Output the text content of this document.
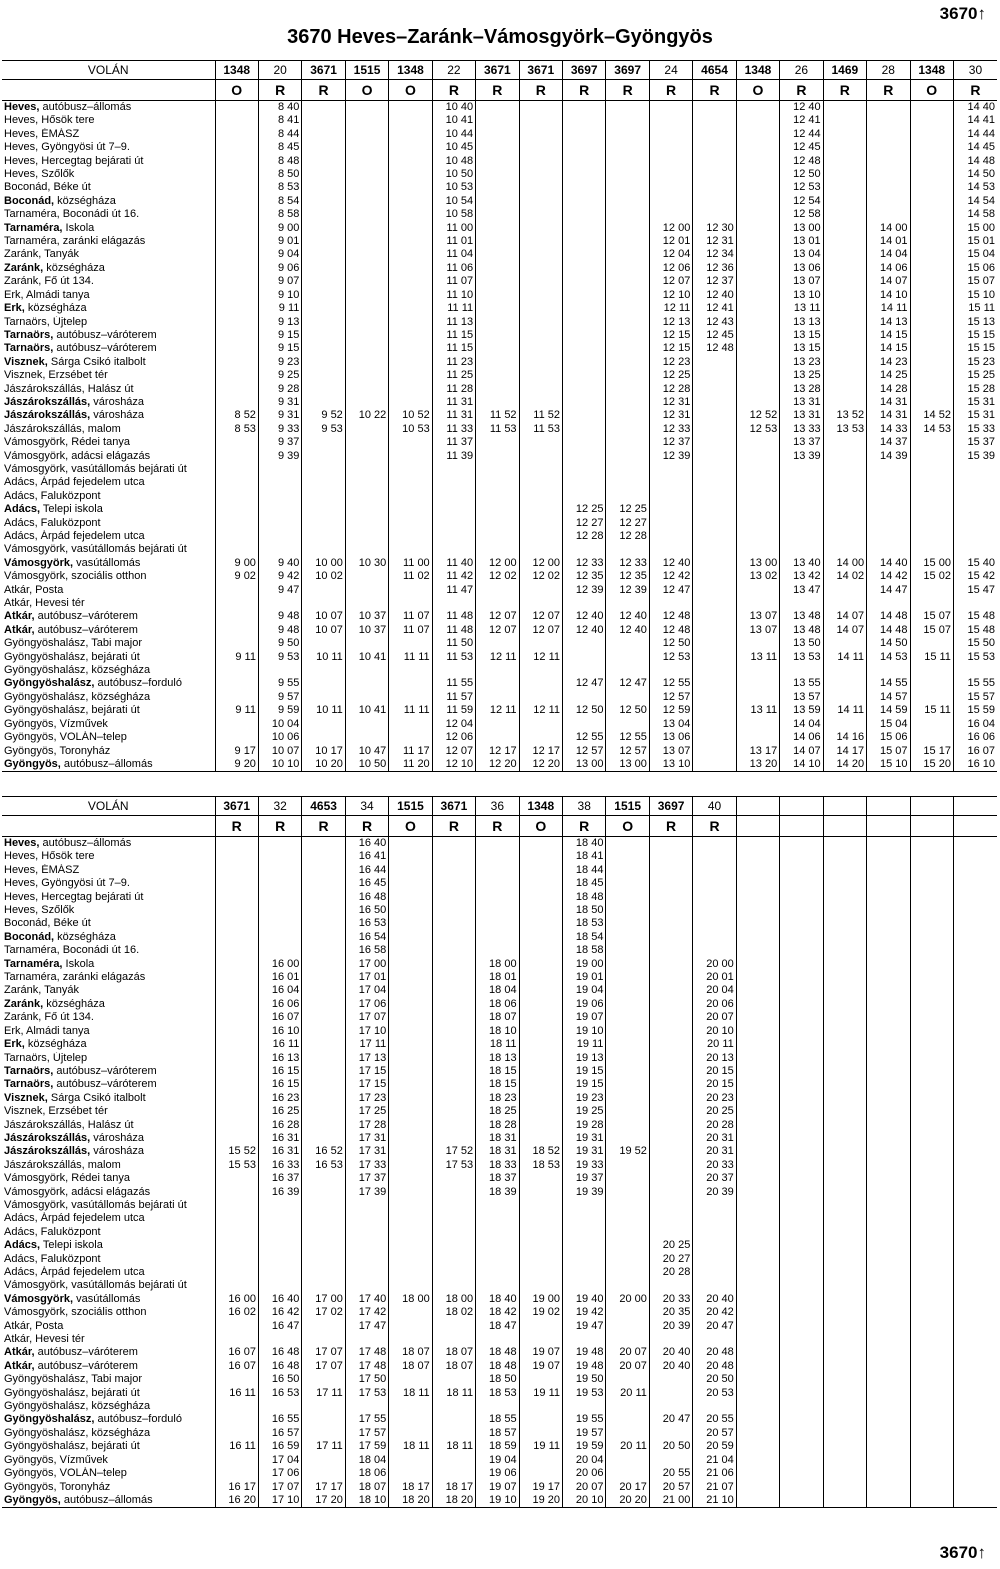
3670 Heves–Zaránk–Vámosgyörk–Gyöngyös
3670↑
VOLÁN	1348	20	3671	1515	1348	22	3671	3671	3697	3697	24	4654	1348	26	1469	28	1348	30
	O	R	R	O	O	R	R	R	R	R	R	R	O	R	R	R	O	R
Heves, autóbusz–állomás		8 40				10 40								12 40				14 40
Heves, Hősök tere		8 41				10 41								12 41				14 41
Heves, ÉMÁSZ		8 44				10 44								12 44				14 44
Heves, Gyöngyösi út 7–9.		8 45				10 45								12 45				14 45
Heves, Hercegtag bejárati út		8 48				10 48								12 48				14 48
Heves, Szőlők		8 50				10 50								12 50				14 50
Boconád, Béke út		8 53				10 53								12 53				14 53
Boconád, községháza		8 54				10 54								12 54				14 54
Tarnaméra, Boconádi út 16.		8 58				10 58								12 58				14 58
Tarnaméra, Iskola		9 00				11 00					12 00	12 30		13 00		14 00		15 00
Tarnaméra, zaránki elágazás		9 01				11 01					12 01	12 31		13 01		14 01		15 01
Zaránk, Tanyák		9 04				11 04					12 04	12 34		13 04		14 04		15 04
Zaránk, községháza		9 06				11 06					12 06	12 36		13 06		14 06		15 06
Zaránk, Fő út 134.		9 07				11 07					12 07	12 37		13 07		14 07		15 07
Erk, Almádi tanya		9 10				11 10					12 10	12 40		13 10		14 10		15 10
Erk, községháza		9 11				11 11					12 11	12 41		13 11		14 11		15 11
Tarnaörs, Újtelep		9 13				11 13					12 13	12 43		13 13		14 13		15 13
Tarnaörs, autóbusz–váróterem		9 15				11 15					12 15	12 45		13 15		14 15		15 15
Tarnaörs, autóbusz–váróterem		9 15				11 15					12 15	12 48		13 15		14 15		15 15
Visznek, Sárga Csikó italbolt		9 23				11 23					12 23			13 23		14 23		15 23
Visznek, Erzsébet tér		9 25				11 25					12 25			13 25		14 25		15 25
Jászárokszállás, Halász út		9 28				11 28					12 28			13 28		14 28		15 28
Jászárokszállás, városháza		9 31				11 31					12 31			13 31		14 31		15 31
Jászárokszállás, városháza	8 52	9 31	9 52	10 22	10 52	11 31	11 52	11 52			12 31		12 52	13 31	13 52	14 31	14 52	15 31
Jászárokszállás, malom	8 53	9 33	9 53		10 53	11 33	11 53	11 53			12 33		12 53	13 33	13 53	14 33	14 53	15 33
Vámosgyörk, Rédei tanya		9 37				11 37					12 37			13 37		14 37		15 37
Vámosgyörk, adácsi elágazás		9 39				11 39					12 39			13 39		14 39		15 39
Vámosgyörk, vasútállomás bejárati út																		
Adács, Árpád fejedelem utca																		
Adács, Faluközpont																		
Adács, Telepi iskola									12 25	12 25								
Adács, Faluközpont									12 27	12 27								
Adács, Árpád fejedelem utca									12 28	12 28								
Vámosgyörk, vasútállomás bejárati út																		
Vámosgyörk, vasútállomás	9 00	9 40	10 00	10 30	11 00	11 40	12 00	12 00	12 33	12 33	12 40		13 00	13 40	14 00	14 40	15 00	15 40
Vámosgyörk, szociális otthon	9 02	9 42	10 02		11 02	11 42	12 02	12 02	12 35	12 35	12 42		13 02	13 42	14 02	14 42	15 02	15 42
Atkár, Posta		9 47				11 47			12 39	12 39	12 47			13 47		14 47		15 47
Atkár, Hevesi tér																		
Atkár, autóbusz–váróterem		9 48	10 07	10 37	11 07	11 48	12 07	12 07	12 40	12 40	12 48		13 07	13 48	14 07	14 48	15 07	15 48
Atkár, autóbusz–váróterem		9 48	10 07	10 37	11 07	11 48	12 07	12 07	12 40	12 40	12 48		13 07	13 48	14 07	14 48	15 07	15 48
Gyöngyöshalász, Tabi major		9 50				11 50					12 50			13 50		14 50		15 50
Gyöngyöshalász, bejárati út	9 11	9 53	10 11	10 41	11 11	11 53	12 11	12 11			12 53		13 11	13 53	14 11	14 53	15 11	15 53
Gyöngyöshalász, községháza																		
Gyöngyöshalász, autóbusz–forduló		9 55				11 55			12 47	12 47	12 55			13 55		14 55		15 55
Gyöngyöshalász, községháza		9 57				11 57					12 57			13 57		14 57		15 57
Gyöngyöshalász, bejárati út	9 11	9 59	10 11	10 41	11 11	11 59	12 11	12 11	12 50	12 50	12 59		13 11	13 59	14 11	14 59	15 11	15 59
Gyöngyös, Vízművek		10 04				12 04					13 04			14 04		15 04		16 04
Gyöngyös, VOLÁN–telep		10 06				12 06			12 55	12 55	13 06			14 06	14 16	15 06		16 06
Gyöngyös, Toronyház	9 17	10 07	10 17	10 47	11 17	12 07	12 17	12 17	12 57	12 57	13 07		13 17	14 07	14 17	15 07	15 17	16 07
Gyöngyös, autóbusz–állomás	9 20	10 10	10 20	10 50	11 20	12 10	12 20	12 20	13 00	13 00	13 10		13 20	14 10	14 20	15 10	15 20	16 10
VOLÁN	3671	32	4653	34	1515	3671	36	1348	38	1515	3697	40						
	R	R	R	R	O	R	R	O	R	O	R	R						
Heves, autóbusz–állomás				16 40					18 40									
Heves, Hősök tere				16 41					18 41									
Heves, ÉMÁSZ				16 44					18 44									
Heves, Gyöngyösi út 7–9.				16 45					18 45									
Heves, Hercegtag bejárati út				16 48					18 48									
Heves, Szőlők				16 50					18 50									
Boconád, Béke út				16 53					18 53									
Boconád, községháza				16 54					18 54									
Tarnaméra, Boconádi út 16.				16 58					18 58									
Tarnaméra, Iskola		16 00		17 00			18 00		19 00			20 00						
Tarnaméra, zaránki elágazás		16 01		17 01			18 01		19 01			20 01						
Zaránk, Tanyák		16 04		17 04			18 04		19 04			20 04						
Zaránk, községháza		16 06		17 06			18 06		19 06			20 06						
Zaránk, Fő út 134.		16 07		17 07			18 07		19 07			20 07						
Erk, Almádi tanya		16 10		17 10			18 10		19 10			20 10						
Erk, községháza		16 11		17 11			18 11		19 11			20 11						
Tarnaörs, Újtelep		16 13		17 13			18 13		19 13			20 13						
Tarnaörs, autóbusz–váróterem		16 15		17 15			18 15		19 15			20 15						
Tarnaörs, autóbusz–váróterem		16 15		17 15			18 15		19 15			20 15						
Visznek, Sárga Csikó italbolt		16 23		17 23			18 23		19 23			20 23						
Visznek, Erzsébet tér		16 25		17 25			18 25		19 25			20 25						
Jászárokszállás, Halász út		16 28		17 28			18 28		19 28			20 28						
Jászárokszállás, városháza		16 31		17 31			18 31		19 31			20 31						
Jászárokszállás, városháza	15 52	16 31	16 52	17 31		17 52	18 31	18 52	19 31	19 52		20 31						
Jászárokszállás, malom	15 53	16 33	16 53	17 33		17 53	18 33	18 53	19 33			20 33						
Vámosgyörk, Rédei tanya		16 37		17 37			18 37		19 37			20 37						
Vámosgyörk, adácsi elágazás		16 39		17 39			18 39		19 39			20 39						
Vámosgyörk, vasútállomás bejárati út																		
Adács, Árpád fejedelem utca																		
Adács, Faluközpont																		
Adács, Telepi iskola											20 25							
Adács, Faluközpont											20 27							
Adács, Árpád fejedelem utca											20 28							
Vámosgyörk, vasútállomás bejárati út																		
Vámosgyörk, vasútállomás	16 00	16 40	17 00	17 40	18 00	18 00	18 40	19 00	19 40	20 00	20 33	20 40						
Vámosgyörk, szociális otthon	16 02	16 42	17 02	17 42		18 02	18 42	19 02	19 42		20 35	20 42						
Atkár, Posta		16 47		17 47			18 47		19 47		20 39	20 47						
Atkár, Hevesi tér																		
Atkár, autóbusz–váróterem	16 07	16 48	17 07	17 48	18 07	18 07	18 48	19 07	19 48	20 07	20 40	20 48						
Atkár, autóbusz–váróterem	16 07	16 48	17 07	17 48	18 07	18 07	18 48	19 07	19 48	20 07	20 40	20 48						
Gyöngyöshalász, Tabi major		16 50		17 50			18 50		19 50			20 50						
Gyöngyöshalász, bejárati út	16 11	16 53	17 11	17 53	18 11	18 11	18 53	19 11	19 53	20 11		20 53						
Gyöngyöshalász, községháza																		
Gyöngyöshalász, autóbusz–forduló		16 55		17 55			18 55		19 55		20 47	20 55						
Gyöngyöshalász, községháza		16 57		17 57			18 57		19 57			20 57						
Gyöngyöshalász, bejárati út	16 11	16 59	17 11	17 59	18 11	18 11	18 59	19 11	19 59	20 11	20 50	20 59						
Gyöngyös, Vízművek		17 04		18 04			19 04		20 04			21 04						
Gyöngyös, VOLÁN–telep		17 06		18 06			19 06		20 06		20 55	21 06						
Gyöngyös, Toronyház	16 17	17 07	17 17	18 07	18 17	18 17	19 07	19 17	20 07	20 17	20 57	21 07						
Gyöngyös, autóbusz–állomás	16 20	17 10	17 20	18 10	18 20	18 20	19 10	19 20	20 10	20 20	21 00	21 10						
3670↑
